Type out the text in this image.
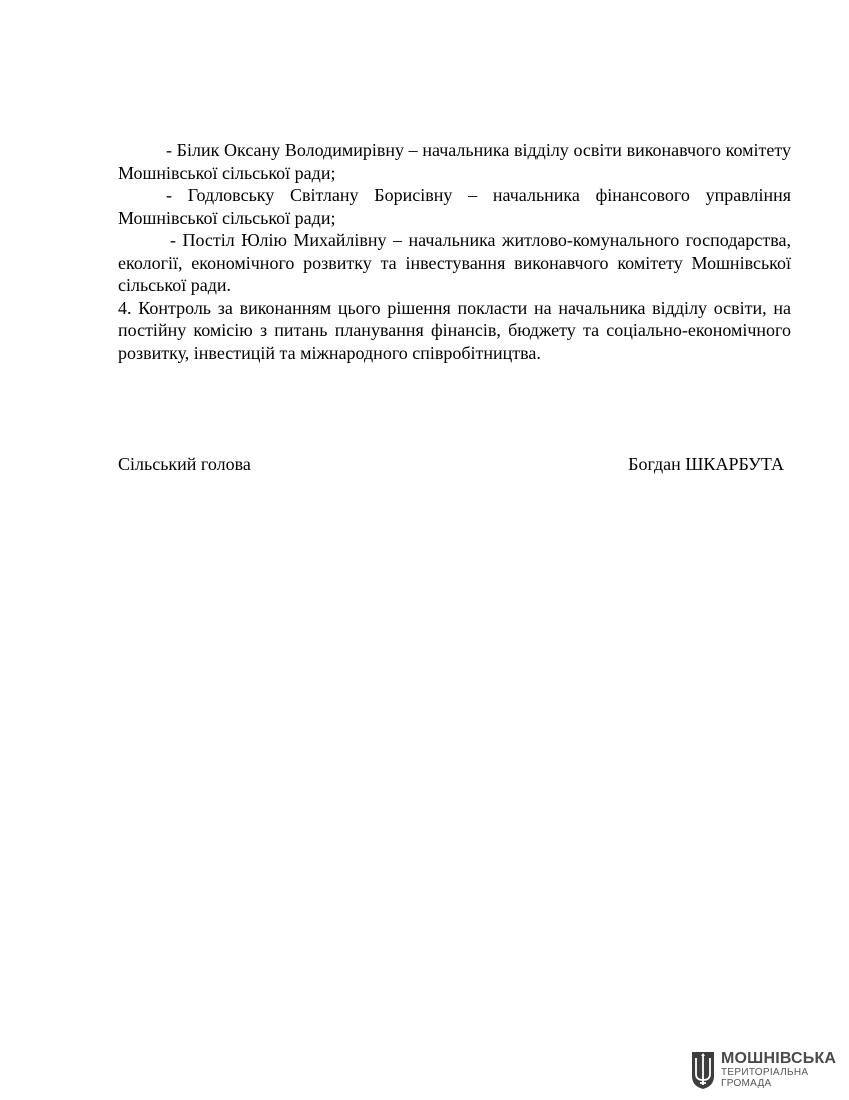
- Білик Оксану Володимирівну – начальника відділу освіти виконавчого комітету Мошнівської сільської ради;

- Годловську Світлану Борисівну – начальника фінансового управління Мошнівської сільської ради;

- Постіл Юлію Михайлівну – начальника житлово-комунального господарства, екології, економічного розвитку та інвестування виконавчого комітету Мошнівської сільської ради.

4. Контроль за виконанням цього рішення покласти на начальника відділу освіти, на постійну комісію з питань планування фінансів, бюджету та соціально-економічного розвитку, інвестицій та міжнародного співробітництва.

Сільський голова	Богдан ШКАРБУТА
МОШНІВСЬКА
ТЕРИТОРІАЛЬНА
ГРОМАДА
